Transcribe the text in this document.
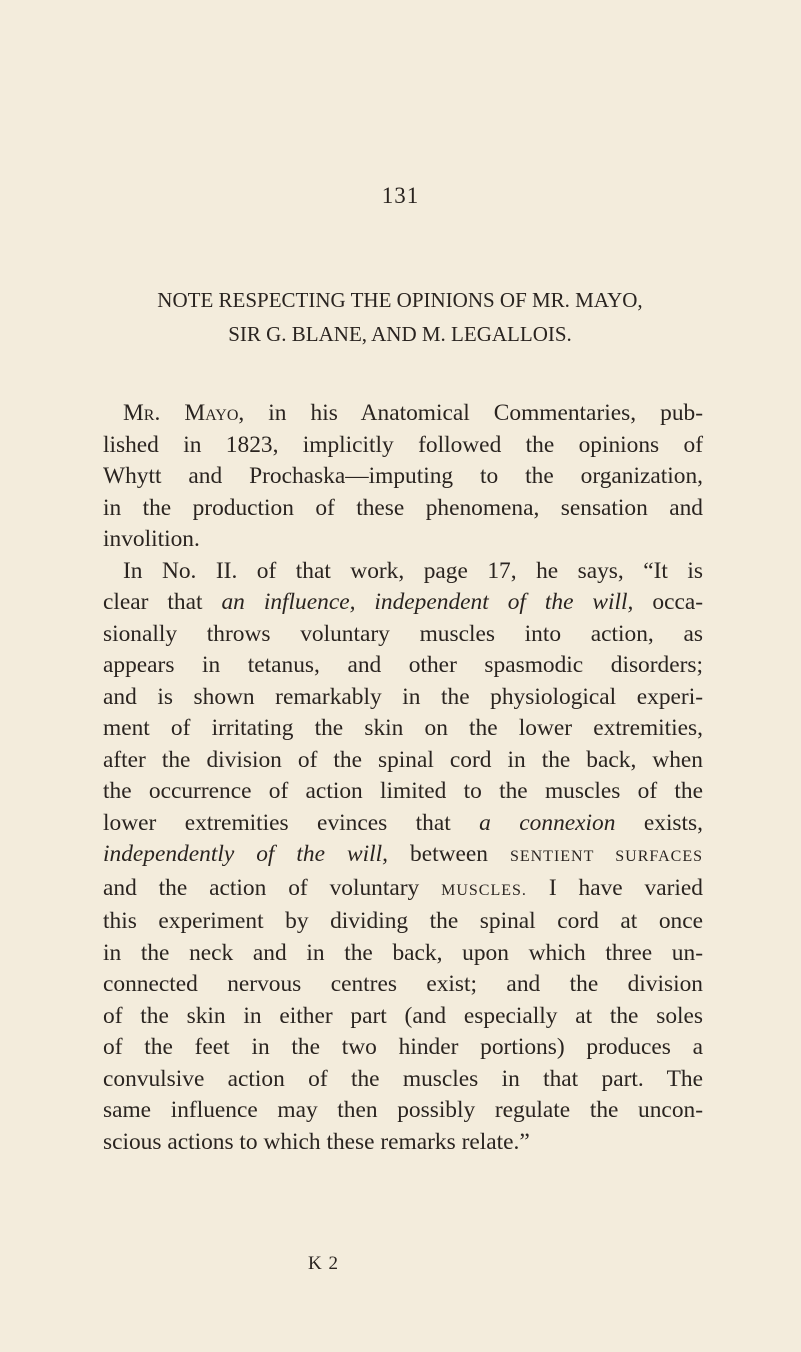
131
NOTE RESPECTING THE OPINIONS OF MR. MAYO,
SIR G. BLANE, AND M. LEGALLOIS.
Mr. Mayo, in his Anatomical Commentaries, pub-
lished in 1823, implicitly followed the opinions of
Whytt and Prochaska—imputing to the organization,
in the production of these phenomena, sensation and
involition.
In No. II. of that work, page 17, he says, “It is
clear that an influence, independent of the will, occa-
sionally throws voluntary muscles into action, as
appears in tetanus, and other spasmodic disorders;
and is shown remarkably in the physiological experi-
ment of irritating the skin on the lower extremities,
after the division of the spinal cord in the back, when
the occurrence of action limited to the muscles of the
lower extremities evinces that a connexion exists,
independently of the will, between SENTIENT SURFACES
and the action of voluntary MUSCLES. I have varied
this experiment by dividing the spinal cord at once
in the neck and in the back, upon which three un-
connected nervous centres exist; and the division
of the skin in either part (and especially at the soles
of the feet in the two hinder portions) produces a
convulsive action of the muscles in that part. The
same influence may then possibly regulate the uncon-
scious actions to which these remarks relate.”
K 2
